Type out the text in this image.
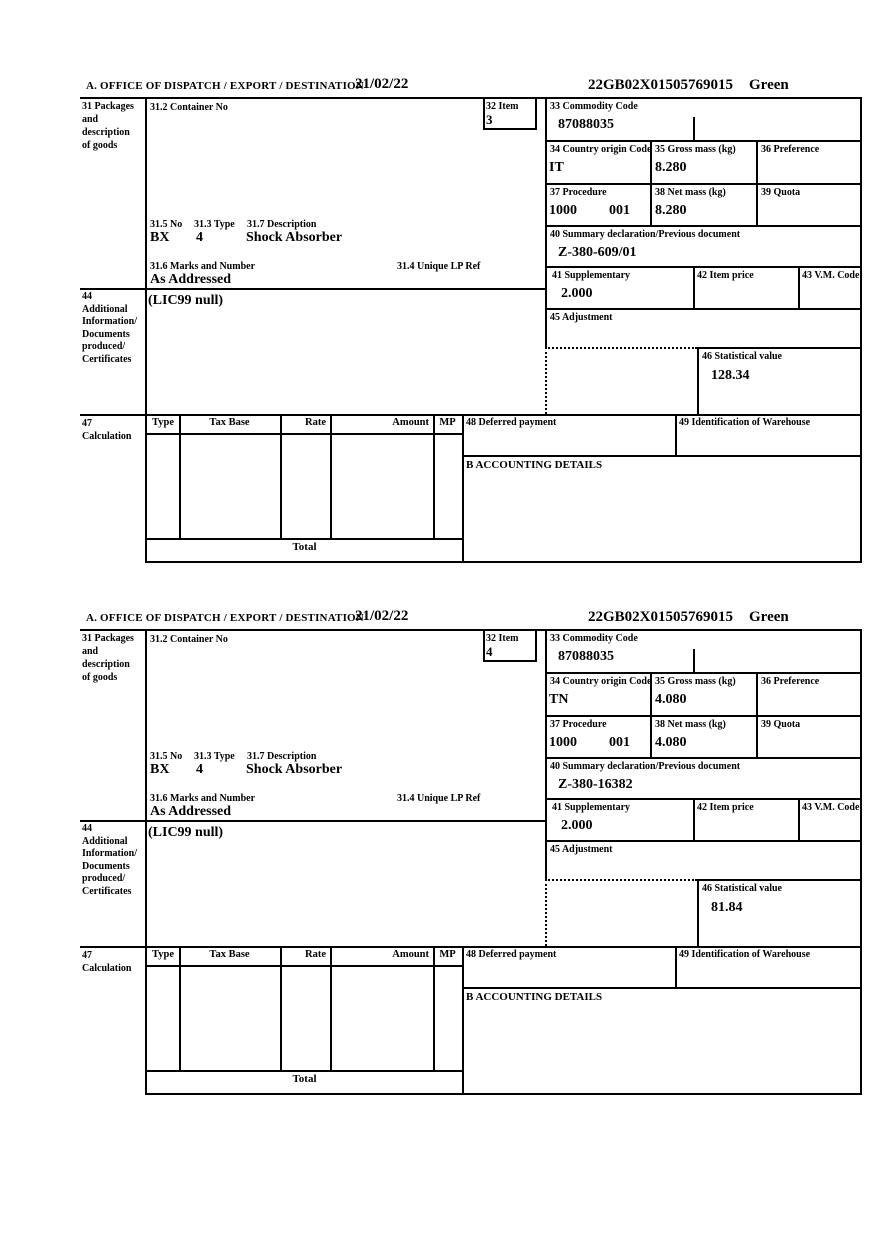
A. OFFICE OF DISPATCH / EXPORT / DESTINATION
21/02/22	22GB02X01505769015 Green
31 Packages
and
description
of goods
44
Additional
Information/
Documents
produced/
Certificates
47
Calculation
31.2 Container No	32 Item
3
31.5 No 31.3 Type 31.7 Description
BX 4	Shock Absorber
31.6 Marks and Number	31.4 Unique LP Ref
As Addressed
(LIC99 null)
33 Commodity Code
87088035
34 Country origin Code
IT
35 Gross mass (kg)
8.280
36 Preference
37 Procedure
1000 001
38 Net mass (kg)
8.280
39 Quota
40 Summary declaration/Previous document
Z-380-609/01
41 Supplementary
2.000
42 Item price	43 V.M. Code
45 Adjustment
46 Statistical value
128.34
48 Deferred payment	49 Identification of Warehouse
B ACCOUNTING DETAILS
Type	Tax Base	Rate	Amount MP
Total
A. OFFICE OF DISPATCH / EXPORT / DESTINATION
21/02/22	22GB02X01505769015 Green
31 Packages
and
description
of goods
44
Additional
Information/
Documents
produced/
Certificates
47
Calculation
31.2 Container No	32 Item
4
31.5 No 31.3 Type 31.7 Description
BX 4	Shock Absorber
31.6 Marks and Number	31.4 Unique LP Ref
As Addressed
(LIC99 null)
33 Commodity Code
87088035
34 Country origin Code
TN
35 Gross mass (kg)
4.080
36 Preference
37 Procedure
1000 001
38 Net mass (kg)
4.080
39 Quota
40 Summary declaration/Previous document
Z-380-16382
41 Supplementary
2.000
42 Item price	43 V.M. Code
45 Adjustment
46 Statistical value
81.84
48 Deferred payment	49 Identification of Warehouse
B ACCOUNTING DETAILS
Type	Tax Base	Rate	Amount MP
Total
